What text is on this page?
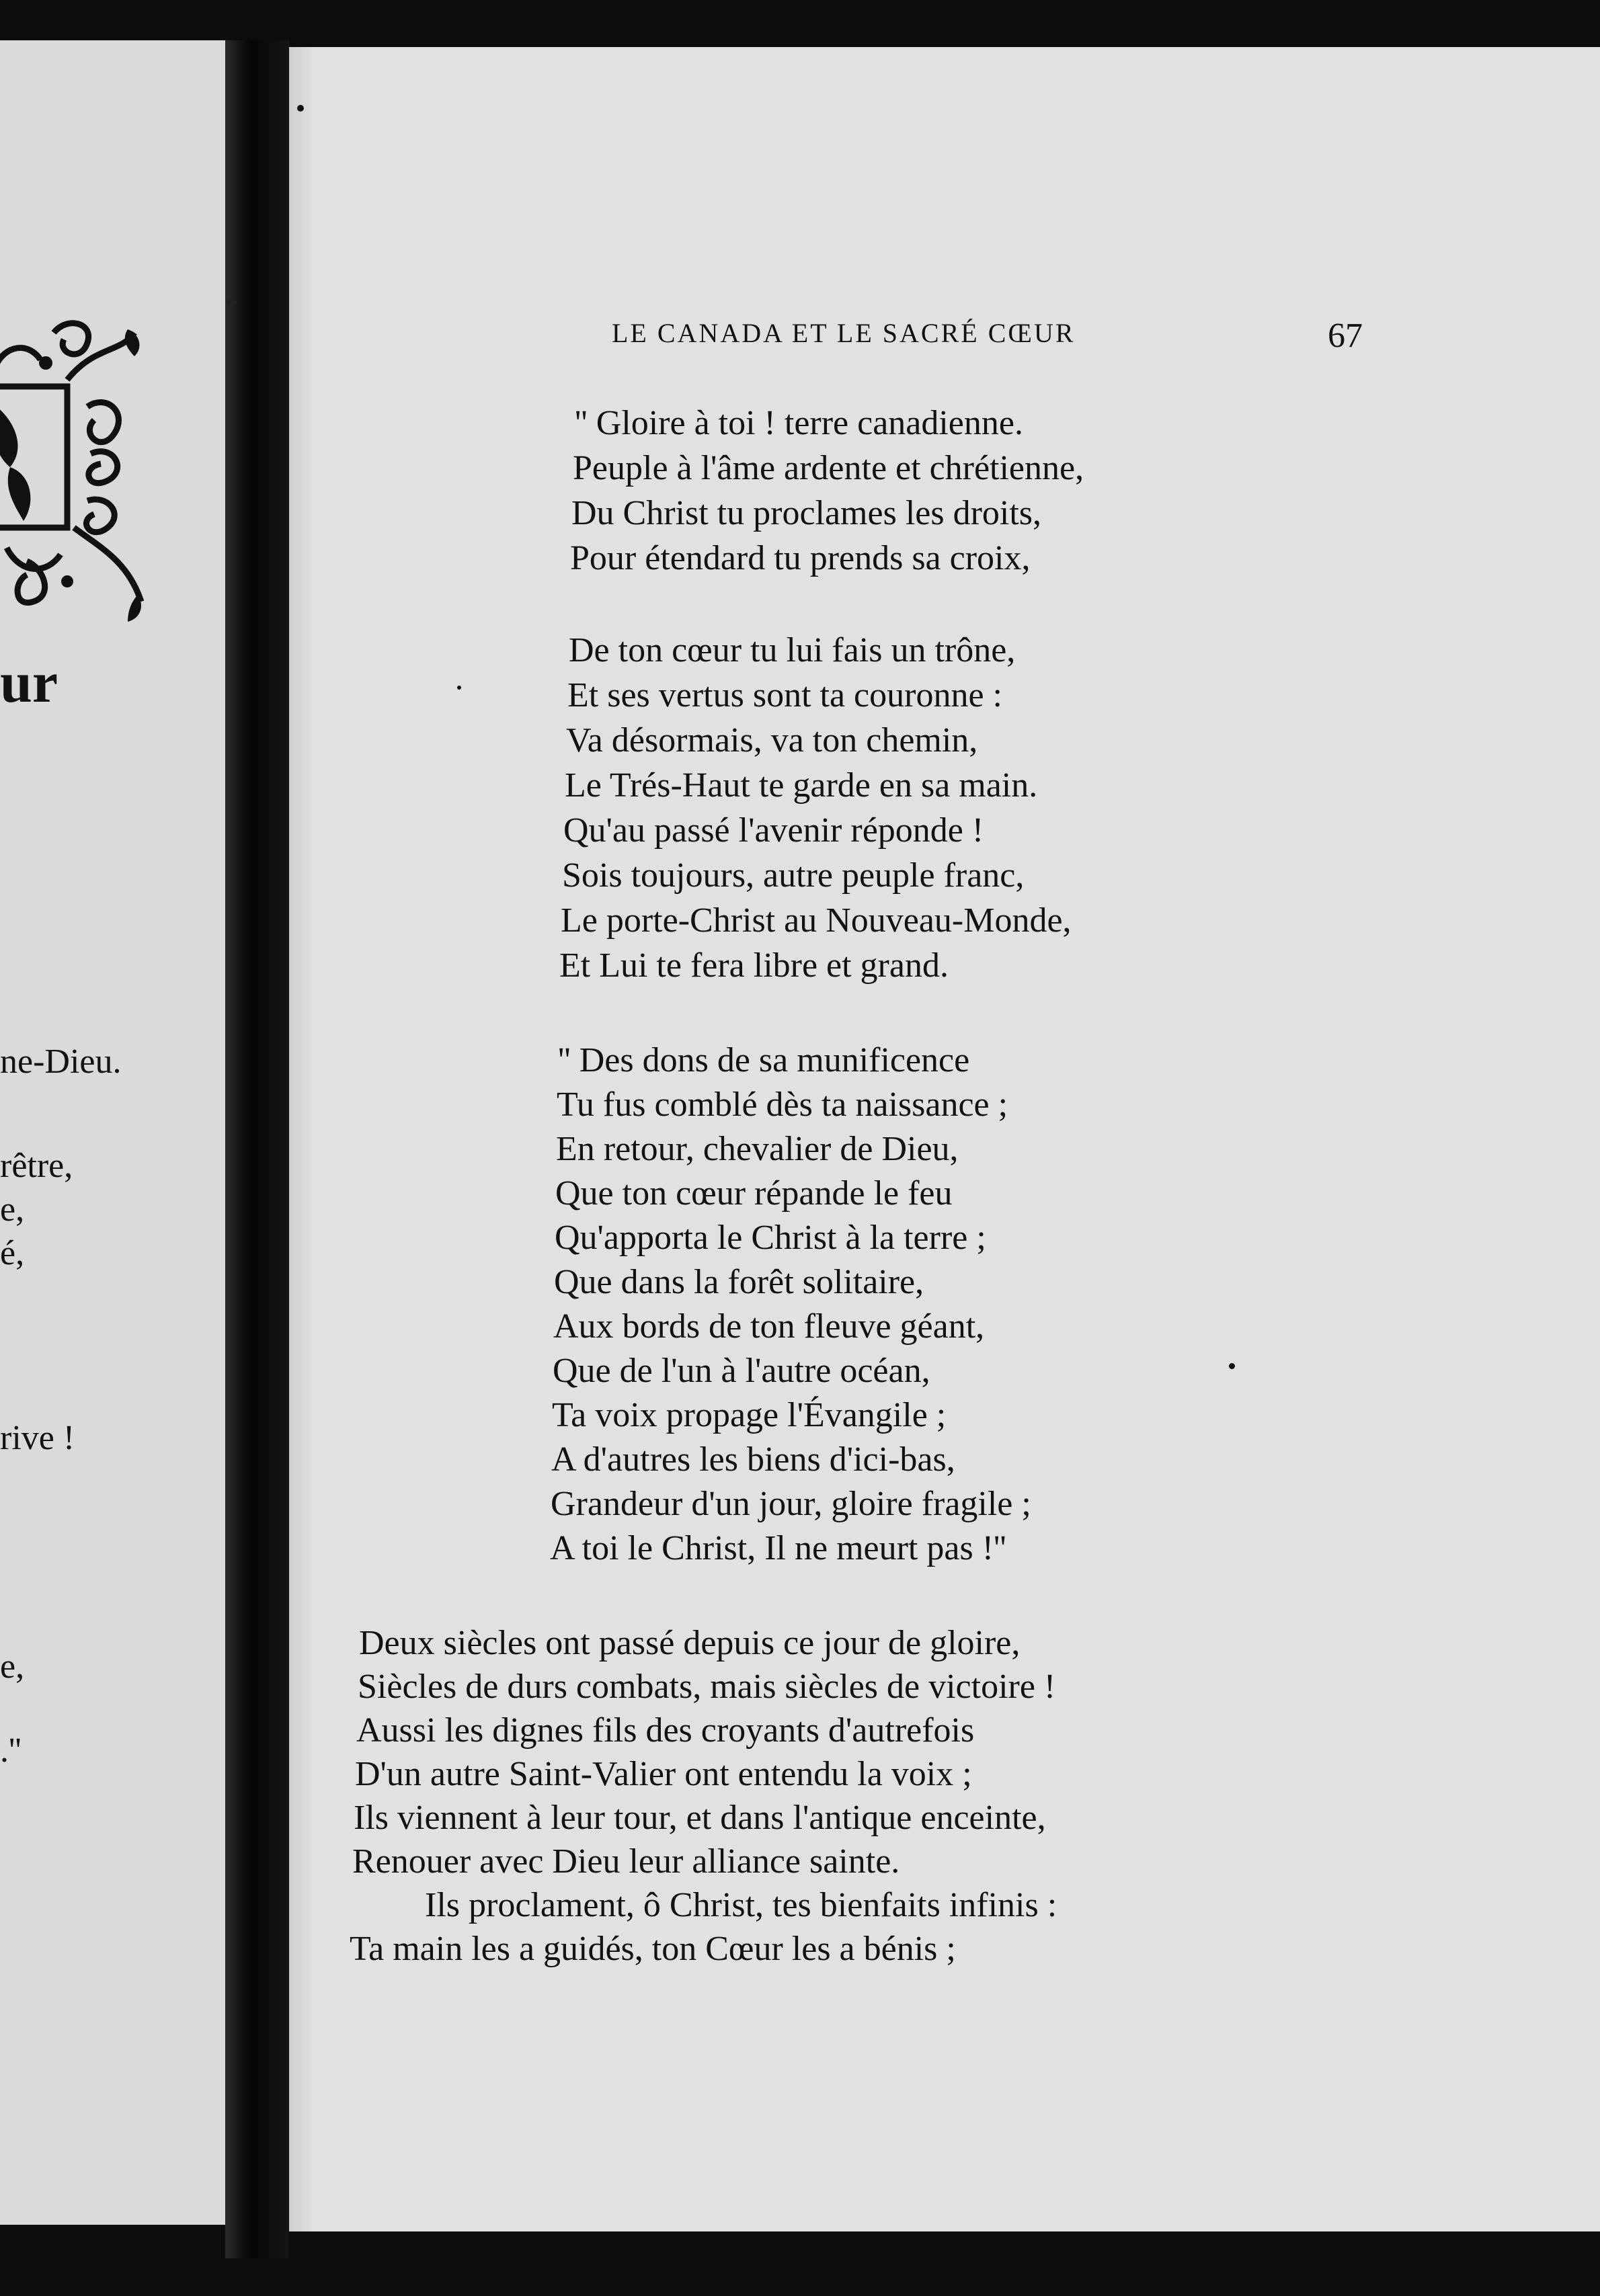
ur
ne-Dieu.
rêtre,
e,
é,
rive !
e,
.''
LE CANADA ET LE SACRÉ CŒUR	67
'' Gloire à toi ! terre canadienne.
Peuple à l'âme ardente et chrétienne,
Du Christ tu proclames les droits,
Pour étendard tu prends sa croix,
De ton cœur tu lui fais un trône,
Et ses vertus sont ta couronne :
Va désormais, va ton chemin,
Le Trés-Haut te garde en sa main.
Qu'au passé l'avenir réponde !
Sois toujours, autre peuple franc,
Le porte-Christ au Nouveau-Monde,
Et Lui te fera libre et grand.
'' Des dons de sa munificence
Tu fus comblé dès ta naissance ;
En retour, chevalier de Dieu,
Que ton cœur répande le feu
Qu'apporta le Christ à la terre ;
Que dans la forêt solitaire,
Aux bords de ton fleuve géant,
Que de l'un à l'autre océan,
Ta voix propage l'Évangile ;
A d'autres les biens d'ici-bas,
Grandeur d'un jour, gloire fragile ;
A toi le Christ, Il ne meurt pas !''
Deux siècles ont passé depuis ce jour de gloire,
Siècles de durs combats, mais siècles de victoire !
Aussi les dignes fils des croyants d'autrefois
D'un autre Saint-Valier ont entendu la voix ;
Ils viennent à leur tour, et dans l'antique enceinte,
Renouer avec Dieu leur alliance sainte.
Ils proclament, ô Christ, tes bienfaits infinis :
Ta main les a guidés, ton Cœur les a bénis ;
